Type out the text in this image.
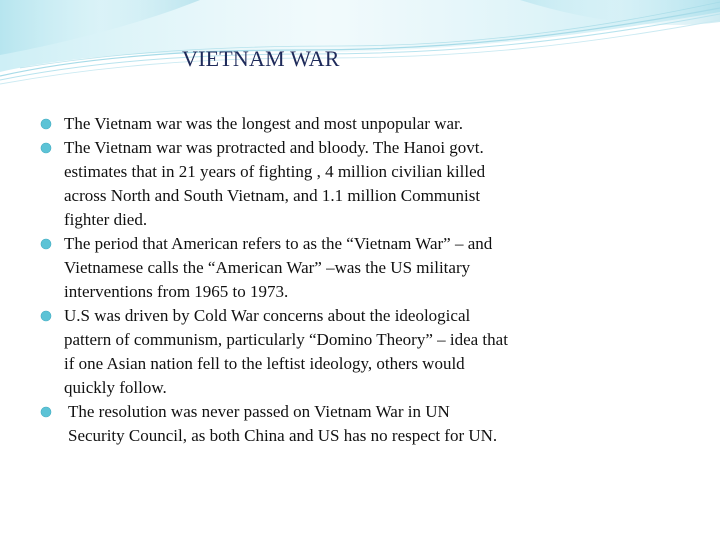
VIETNAM WAR
The Vietnam war was the longest and most unpopular war.
The Vietnam war was protracted and bloody. The Hanoi govt.
estimates that in 21 years of fighting , 4 million civilian killed
across North and South Vietnam, and 1.1 million Communist
fighter died.
The period that American refers to as the “Vietnam War” – and
Vietnamese calls the “American War” –was the US military
interventions from 1965 to 1973.
U.S was driven by Cold War concerns about the ideological
pattern of communism, particularly “Domino Theory” – idea that
if one Asian nation fell to the leftist ideology, others would
quickly follow.
The resolution was never passed on Vietnam War in UN
Security Council, as both China and US has no respect for UN.
